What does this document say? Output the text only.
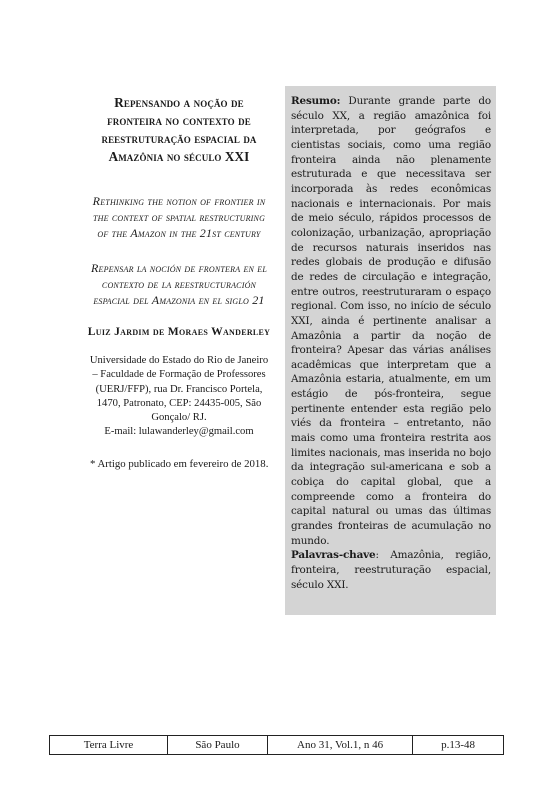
Repensando a noção de fronteira no contexto de reestruturação espacial da Amazônia no século XXI

Rethinking the notion of frontier in the context of spatial restructuring of the Amazon in the 21st century

Repensar la noción de frontera en el contexto de la reestructuración espacial del Amazonia en el siglo 21

Luiz Jardim de Moraes Wanderley
Universidade do Estado do Rio de Janeiro – Faculdade de Formação de Professores (UERJ/FFP), rua Dr. Francisco Portela, 1470, Patronato, CEP: 24435-005, São Gonçalo/ RJ.
E-mail: lulawanderley@gmail.com
* Artigo publicado em fevereiro de 2018.

Resumo: Durante grande parte do século XX, a região amazônica foi interpretada, por geógrafos e cientistas sociais, como uma região fronteira ainda não plenamente estruturada e que necessitava ser incorporada às redes econômicas nacionais e internacionais. Por mais de meio século, rápidos processos de colonização, urbanização, apropriação de recursos naturais inseridos nas redes globais de produção e difusão de redes de circulação e integração, entre outros, reestruturaram o espaço regional. Com isso, no início de século XXI, ainda é pertinente analisar a Amazônia a partir da noção de fronteira? Apesar das várias análises acadêmicas que interpretam que a Amazônia estaria, atualmente, em um estágio de pós-fronteira, segue pertinente entender esta região pelo viés da fronteira – entretanto, não mais como uma fronteira restrita aos limites nacionais, mas inserida no bojo da integração sul-americana e sob a cobiça do capital global, que a compreende como a fronteira do capital natural ou umas das últimas grandes fronteiras de acumulação no mundo.

Palavras-chave: Amazônia, região, fronteira, reestruturação espacial, século XXI.

Terra Livre	São Paulo	Ano 31, Vol.1, n 46	p.13-48
